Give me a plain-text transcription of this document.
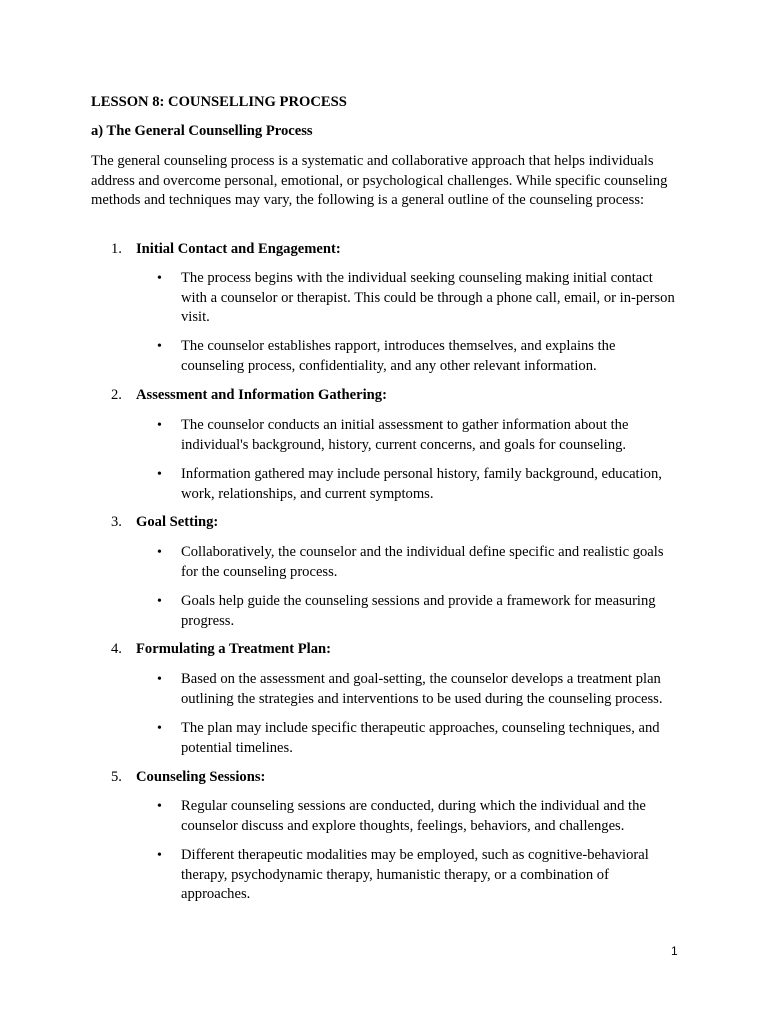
LESSON 8: COUNSELLING PROCESS
a) The General Counselling Process
The general counseling process is a systematic and collaborative approach that helps individuals address and overcome personal, emotional, or psychological challenges. While specific counseling methods and techniques may vary, the following is a general outline of the counseling process:
1. Initial Contact and Engagement:
• The process begins with the individual seeking counseling making initial contact with a counselor or therapist. This could be through a phone call, email, or in-person visit.
• The counselor establishes rapport, introduces themselves, and explains the counseling process, confidentiality, and any other relevant information.
2. Assessment and Information Gathering:
• The counselor conducts an initial assessment to gather information about the individual's background, history, current concerns, and goals for counseling.
• Information gathered may include personal history, family background, education, work, relationships, and current symptoms.
3. Goal Setting:
• Collaboratively, the counselor and the individual define specific and realistic goals for the counseling process.
• Goals help guide the counseling sessions and provide a framework for measuring progress.
4. Formulating a Treatment Plan:
• Based on the assessment and goal-setting, the counselor develops a treatment plan outlining the strategies and interventions to be used during the counseling process.
• The plan may include specific therapeutic approaches, counseling techniques, and potential timelines.
5. Counseling Sessions:
• Regular counseling sessions are conducted, during which the individual and the counselor discuss and explore thoughts, feelings, behaviors, and challenges.
• Different therapeutic modalities may be employed, such as cognitive-behavioral therapy, psychodynamic therapy, humanistic therapy, or a combination of approaches.
1
